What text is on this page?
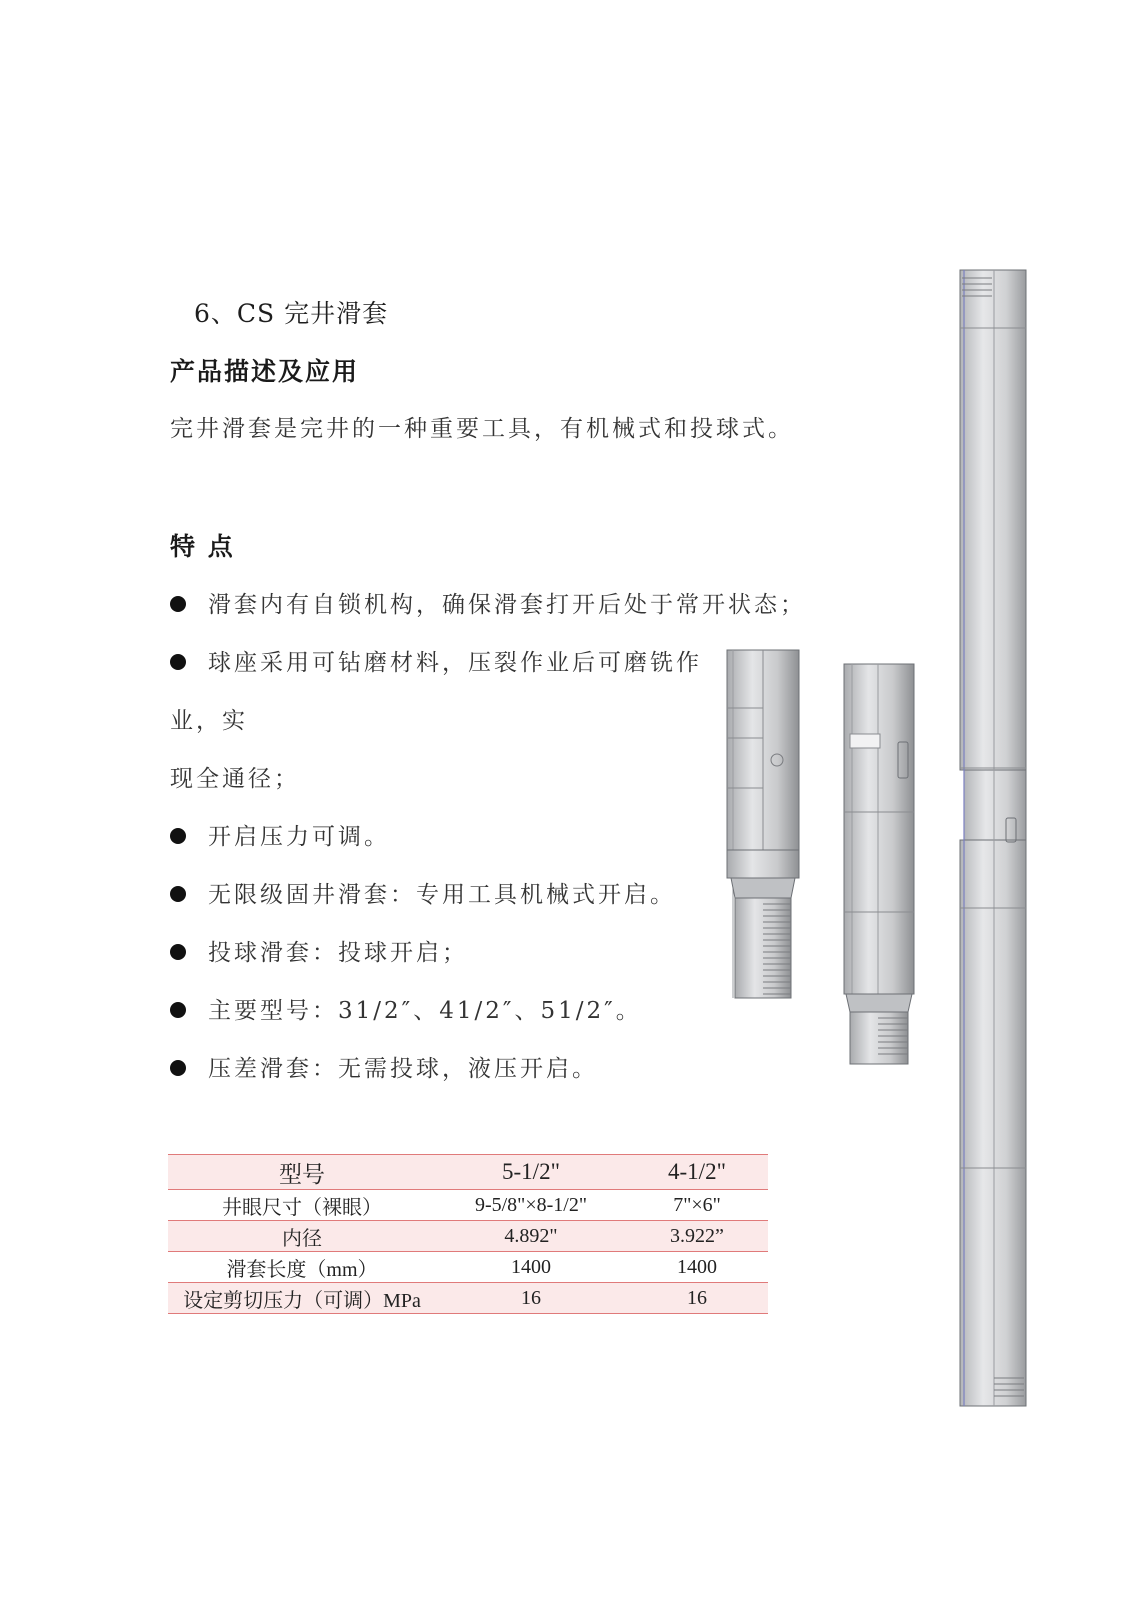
6、CS 完井滑套
产品描述及应用
完井滑套是完井的一种重要工具，有机械式和投球式。
特 点
滑套内有自锁机构，确保滑套打开后处于常开状态；
球座采用可钻磨材料，压裂作业后可磨铣作
业，实
现全通径；
开启压力可调。
无限级固井滑套：专用工具机械式开启。
投球滑套：投球开启；
主要型号：31/2″、41/2″、51/2″。
压差滑套：无需投球，液压开启。
型号	5-1/2"	4-1/2"
井眼尺寸（裸眼）	9-5/8"×8-1/2"	7"×6"
内径	4.892"	3.922”
滑套长度（mm）	1400	1400
设定剪切压力（可调）MPa	16	16
